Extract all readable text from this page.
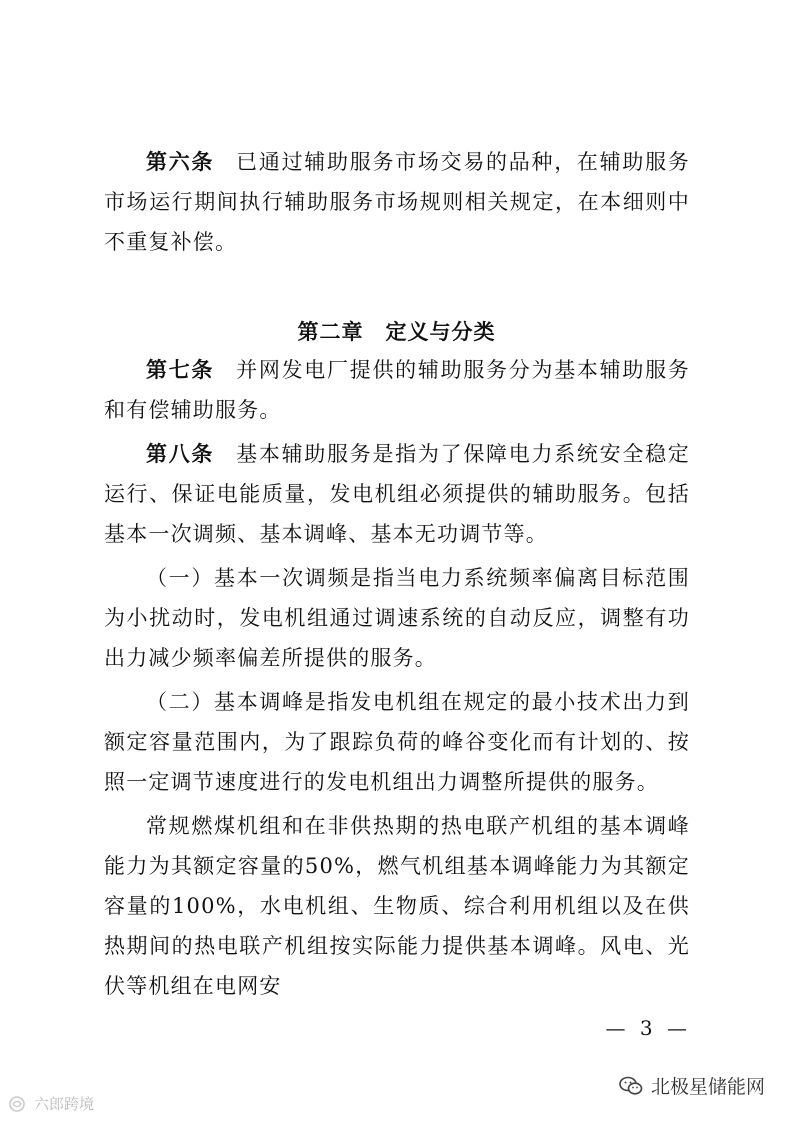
第六条 已通过辅助服务市场交易的品种，在辅助服务市场运行期间执行辅助服务市场规则相关规定，在本细则中不重复补偿。

第二章 定义与分类

第七条 并网发电厂提供的辅助服务分为基本辅助服务和有偿辅助服务。

第八条 基本辅助服务是指为了保障电力系统安全稳定运行、保证电能质量，发电机组必须提供的辅助服务。包括基本一次调频、基本调峰、基本无功调节等。

（一）基本一次调频是指当电力系统频率偏离目标范围为小扰动时，发电机组通过调速系统的自动反应，调整有功出力减少频率偏差所提供的服务。

（二）基本调峰是指发电机组在规定的最小技术出力到额定容量范围内，为了跟踪负荷的峰谷变化而有计划的、按照一定调节速度进行的发电机组出力调整所提供的服务。

常规燃煤机组和在非供热期的热电联产机组的基本调峰能力为其额定容量的50%，燃气机组基本调峰能力为其额定容量的100%，水电机组、生物质、综合利用机组以及在供热期间的热电联产机组按实际能力提供基本调峰。风电、光伏等机组在电网安

— 3 —
北极星储能网
六郎跨境
